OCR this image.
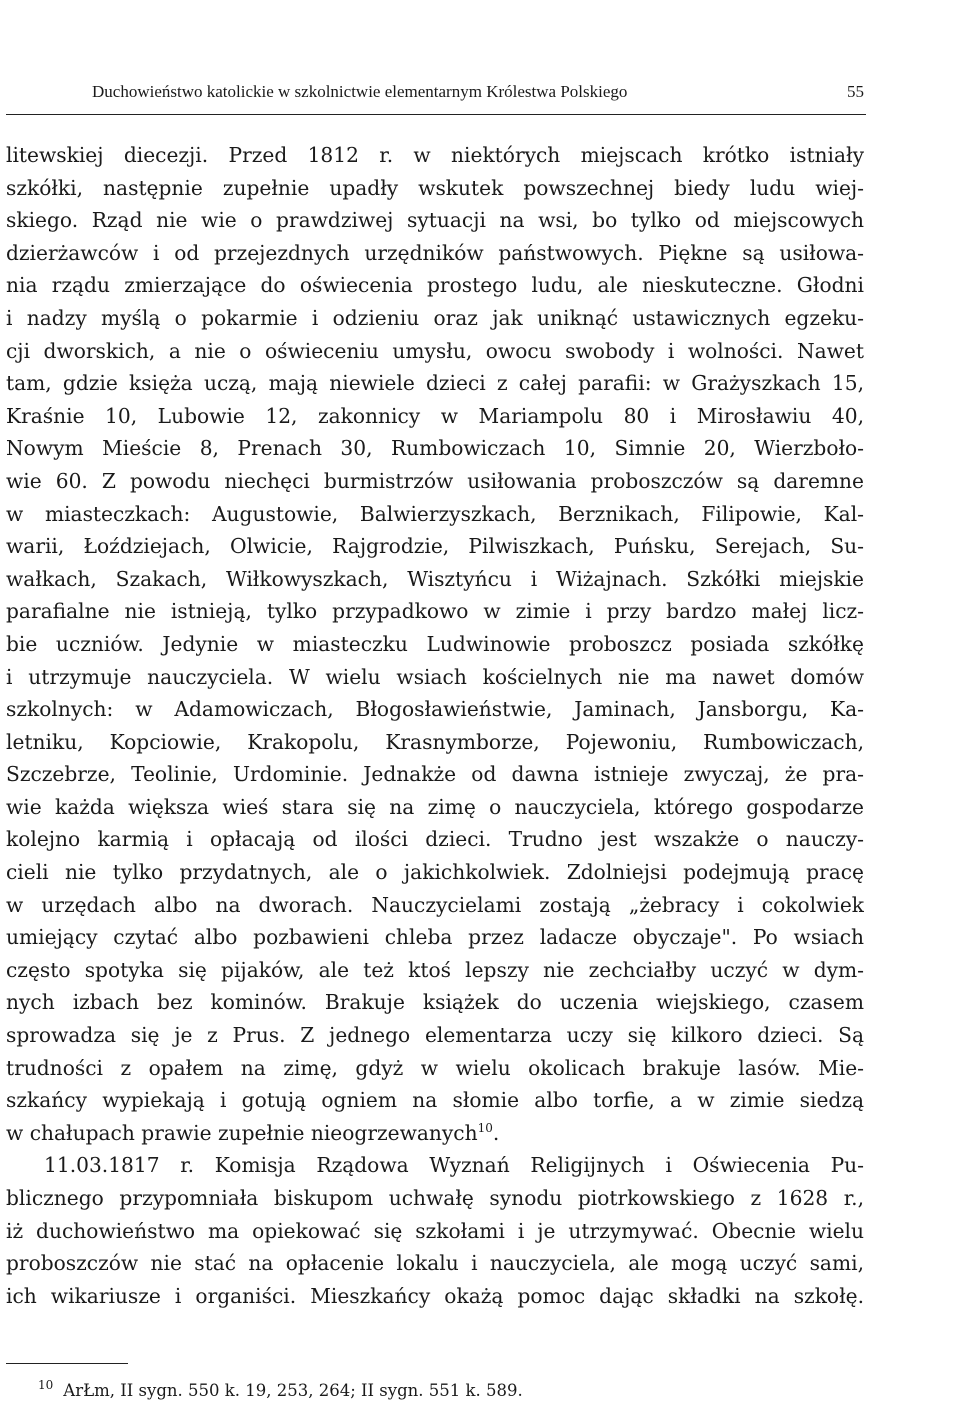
Duchowieństwo katolickie w szkolnictwie elementarnym Królestwa Polskiego	55
litewskiej diecezji. Przed 1812 r. w niektórych miejscach krótko istniały
szkółki, następnie zupełnie upadły wskutek powszechnej biedy ludu wiej-
skiego. Rząd nie wie o prawdziwej sytuacji na wsi, bo tylko od miejscowych
dzierżawców i od przejezdnych urzędników państwowych. Piękne są usiłowa-
nia rządu zmierzające do oświecenia prostego ludu, ale nieskuteczne. Głodni
i nadzy myślą o pokarmie i odzieniu oraz jak uniknąć ustawicznych egzeku-
cji dworskich, a nie o oświeceniu umysłu, owocu swobody i wolności. Nawet
tam, gdzie księża uczą, mają niewiele dzieci z całej parafii: w Grażyszkach 15,
Kraśnie 10, Lubowie 12, zakonnicy w Mariampolu 80 i Mirosławiu 40,
Nowym Mieście 8, Prenach 30, Rumbowiczach 10, Simnie 20, Wierzboło-
wie 60. Z powodu niechęci burmistrzów usiłowania proboszczów są daremne
w miasteczkach: Augustowie, Balwierzyszkach, Berznikach, Filipowie, Kal-
warii, Łoździejach, Olwicie, Rajgrodzie, Pilwiszkach, Puńsku, Serejach, Su-
wałkach, Szakach, Wiłkowyszkach, Wisztyńcu i Wiżajnach. Szkółki miejskie
parafialne nie istnieją, tylko przypadkowo w zimie i przy bardzo małej licz-
bie uczniów. Jedynie w miasteczku Ludwinowie proboszcz posiada szkółkę
i utrzymuje nauczyciela. W wielu wsiach kościelnych nie ma nawet domów
szkolnych: w Adamowiczach, Błogosławieństwie, Jaminach, Jansborgu, Ka-
letniku, Kopciowie, Krakopolu, Krasnymborze, Pojewoniu, Rumbowiczach,
Szczebrze, Teolinie, Urdominie. Jednakże od dawna istnieje zwyczaj, że pra-
wie każda większa wieś stara się na zimę o nauczyciela, którego gospodarze
kolejno karmią i opłacają od ilości dzieci. Trudno jest wszakże o nauczy-
cieli nie tylko przydatnych, ale o jakichkolwiek. Zdolniejsi podejmują pracę
w urzędach albo na dworach. Nauczycielami zostają „żebracy i cokolwiek
umiejący czytać albo pozbawieni chleba przez ladacze obyczaje". Po wsiach
często spotyka się pijaków, ale też ktoś lepszy nie zechciałby uczyć w dym-
nych izbach bez kominów. Brakuje książek do uczenia wiejskiego, czasem
sprowadza się je z Prus. Z jednego elementarza uczy się kilkoro dzieci. Są
trudności z opałem na zimę, gdyż w wielu okolicach brakuje lasów. Mie-
szkańcy wypiekają i gotują ogniem na słomie albo torfie, a w zimie siedzą
w chałupach prawie zupełnie nieogrzewanych$^{10}$.
11.03.1817 r. Komisja Rządowa Wyznań Religijnych i Oświecenia Pu-
blicznego przypomniała biskupom uchwałę synodu piotrkowskiego z 1628 r.,
iż duchowieństwo ma opiekować się szkołami i je utrzymywać. Obecnie wielu
proboszczów nie stać na opłacenie lokalu i nauczyciela, ale mogą uczyć sami,
ich wikariusze i organiści. Mieszkańcy okażą pomoc dając składki na szkołę.
$^{10}$ ArŁm, II sygn. 550 k. 19, 253, 264; II sygn. 551 k. 589.
